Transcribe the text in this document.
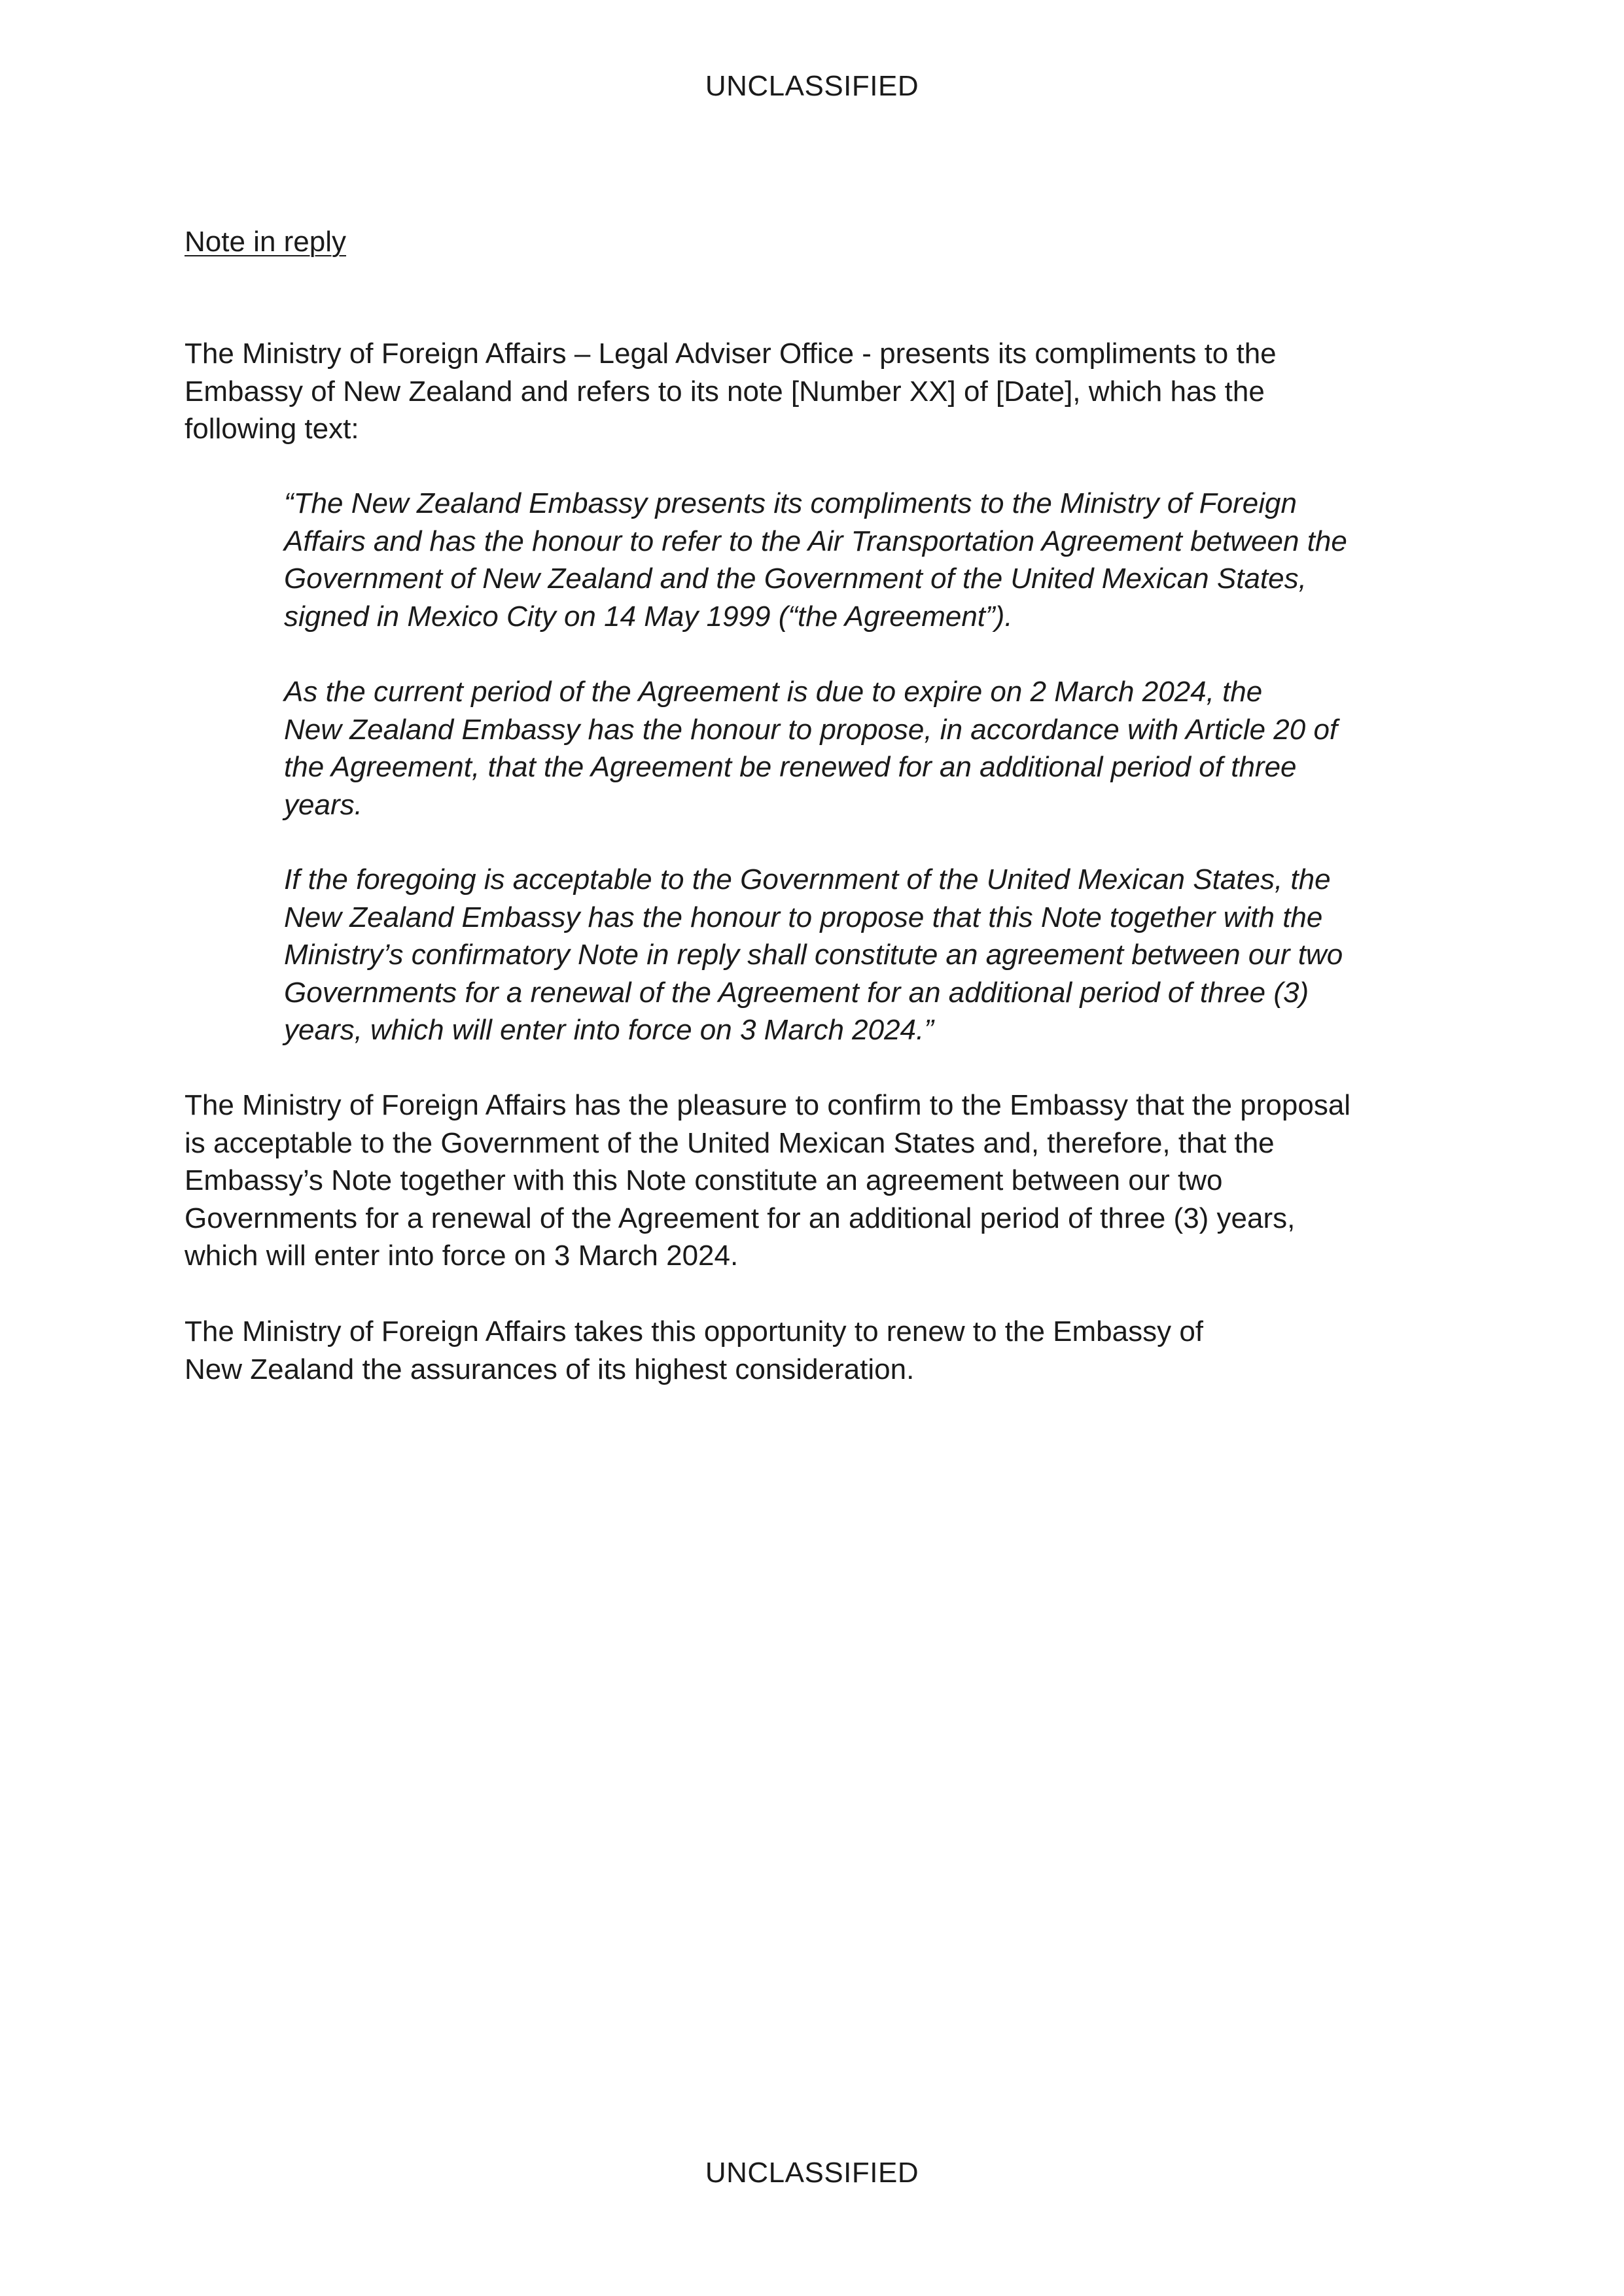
UNCLASSIFIED
Note in reply

The Ministry of Foreign Affairs – Legal Adviser Office - presents its compliments to the
Embassy of New Zealand and refers to its note [Number XX] of [Date], which has the
following text:

“The New Zealand Embassy presents its compliments to the Ministry of Foreign
Affairs and has the honour to refer to the Air Transportation Agreement between the
Government of New Zealand and the Government of the United Mexican States,
signed in Mexico City on 14 May 1999 (“the Agreement”).

As the current period of the Agreement is due to expire on 2 March 2024, the
New Zealand Embassy has the honour to propose, in accordance with Article 20 of
the Agreement, that the Agreement be renewed for an additional period of three
years.

If the foregoing is acceptable to the Government of the United Mexican States, the
New Zealand Embassy has the honour to propose that this Note together with the
Ministry’s confirmatory Note in reply shall constitute an agreement between our two
Governments for a renewal of the Agreement for an additional period of three (3)
years, which will enter into force on 3 March 2024.”

The Ministry of Foreign Affairs has the pleasure to confirm to the Embassy that the proposal
is acceptable to the Government of the United Mexican States and, therefore, that the
Embassy’s Note together with this Note constitute an agreement between our two
Governments for a renewal of the Agreement for an additional period of three (3) years,
which will enter into force on 3 March 2024.

The Ministry of Foreign Affairs takes this opportunity to renew to the Embassy of
New Zealand the assurances of its highest consideration.

UNCLASSIFIED
